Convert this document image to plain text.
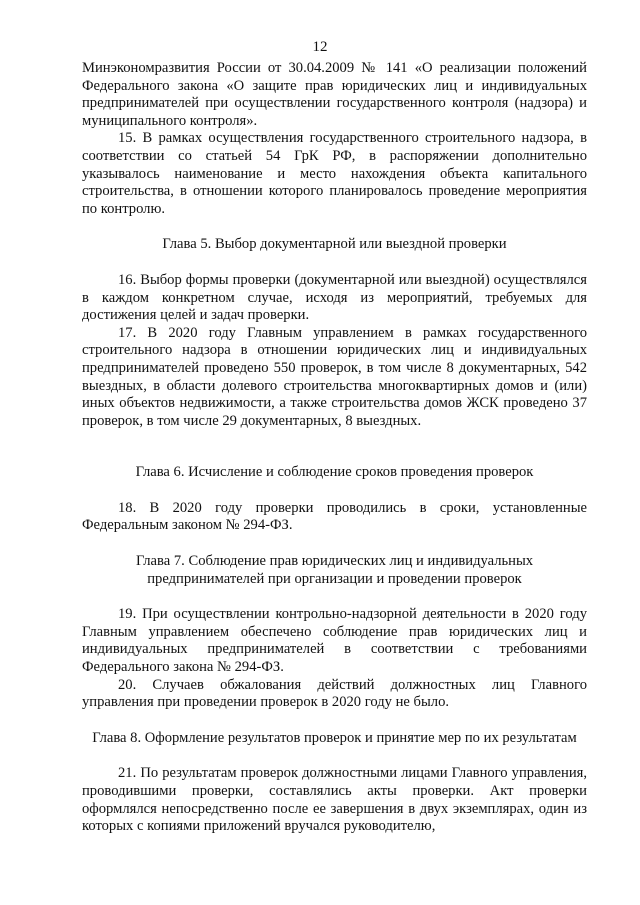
12

Минэкономразвития России от 30.04.2009 № 141 «О реализации положений Федерального закона «О защите прав юридических лиц и индивидуальных предпринимателей при осуществлении государственного контроля (надзора) и муниципального контроля».

15. В рамках осуществления государственного строительного надзора, в соответствии со статьей 54 ГрК РФ, в распоряжении дополнительно указывалось наименование и место нахождения объекта капитального строительства, в отношении которого планировалось проведение мероприятия по контролю.

Глава 5. Выбор документарной или выездной проверки

16. Выбор формы проверки (документарной или выездной) осуществлялся в каждом конкретном случае, исходя из мероприятий, требуемых для достижения целей и задач проверки.

17. В 2020 году Главным управлением в рамках государственного строительного надзора в отношении юридических лиц и индивидуальных предпринимателей проведено 550 проверок, в том числе 8 документарных, 542 выездных, в области долевого строительства многоквартирных домов и (или) иных объектов недвижимости, а также строительства домов ЖСК проведено 37 проверок, в том числе 29 документарных, 8 выездных.

Глава 6. Исчисление и соблюдение сроков проведения проверок

18. В 2020 году проверки проводились в сроки, установленные Федеральным законом № 294-ФЗ.

Глава 7. Соблюдение прав юридических лиц и индивидуальных предпринимателей при организации и проведении проверок

19. При осуществлении контрольно-надзорной деятельности в 2020 году Главным управлением обеспечено соблюдение прав юридических лиц и индивидуальных предпринимателей в соответствии с требованиями Федерального закона № 294-ФЗ.

20. Случаев обжалования действий должностных лиц Главного управления при проведении проверок в 2020 году не было.

Глава 8. Оформление результатов проверок и принятие мер по их результатам

21. По результатам проверок должностными лицами Главного управления, проводившими проверки, составлялись акты проверки. Акт проверки оформлялся непосредственно после ее завершения в двух экземплярах, один из которых с копиями приложений вручался руководителю,
